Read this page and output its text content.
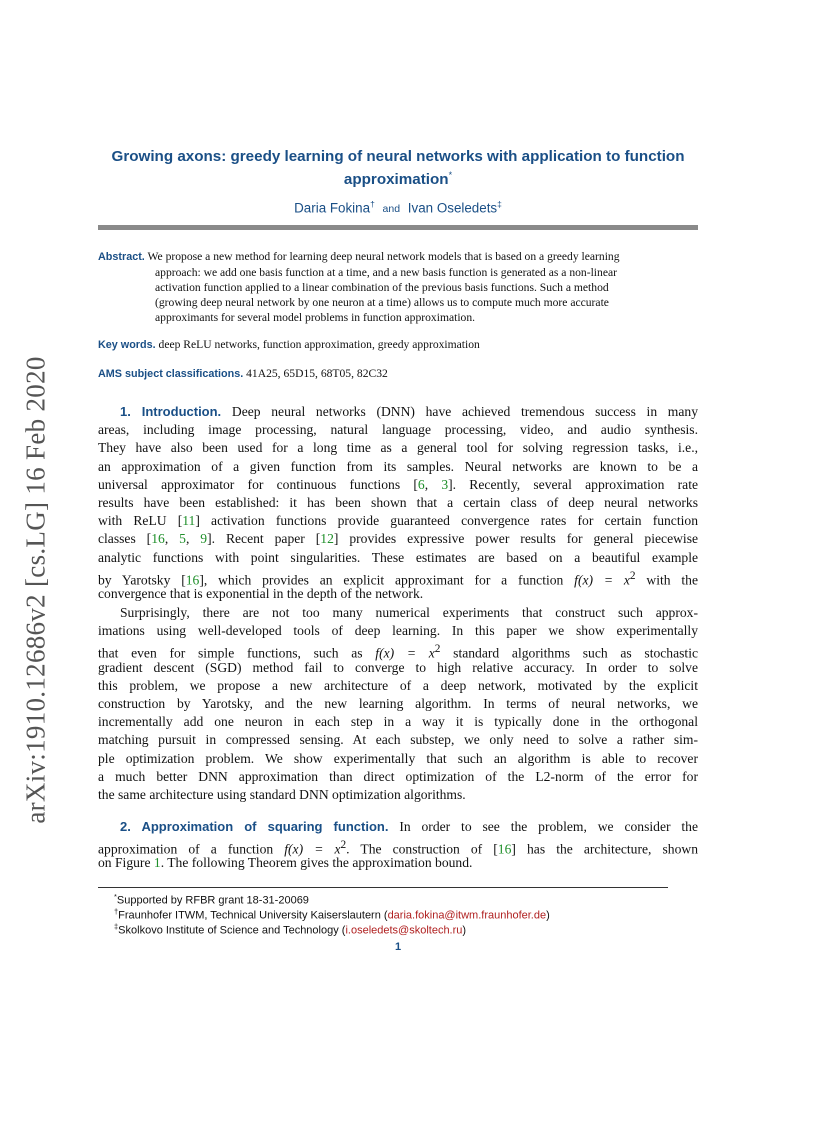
arXiv:1910.12686v2 [cs.LG] 16 Feb 2020
Growing axons: greedy learning of neural networks with application to function
approximation*
Daria Fokina† and Ivan Oseledets‡
Abstract. We propose a new method for learning deep neural network models that is based on a greedy learning
approach: we add one basis function at a time, and a new basis function is generated as a non-linear
activation function applied to a linear combination of the previous basis functions. Such a method
(growing deep neural network by one neuron at a time) allows us to compute much more accurate
approximants for several model problems in function approximation.
Key words. deep ReLU networks, function approximation, greedy approximation
AMS subject classifications. 41A25, 65D15, 68T05, 82C32
1. Introduction. Deep neural networks (DNN) have achieved tremendous success in many
areas, including image processing, natural language processing, video, and audio synthesis.
They have also been used for a long time as a general tool for solving regression tasks, i.e.,
an approximation of a given function from its samples. Neural networks are known to be a
universal approximator for continuous functions [6, 3]. Recently, several approximation rate
results have been established: it has been shown that a certain class of deep neural networks
with ReLU [11] activation functions provide guaranteed convergence rates for certain function
classes [16, 5, 9]. Recent paper [12] provides expressive power results for general piecewise
analytic functions with point singularities. These estimates are based on a beautiful example
by Yarotsky [16], which provides an explicit approximant for a function $f(x) = x^2$ with the
convergence that is exponential in the depth of the network.
Surprisingly, there are not too many numerical experiments that construct such approx-
imations using well-developed tools of deep learning. In this paper we show experimentally
that even for simple functions, such as $f(x) = x^2$ standard algorithms such as stochastic
gradient descent (SGD) method fail to converge to high relative accuracy. In order to solve
this problem, we propose a new architecture of a deep network, motivated by the explicit
construction by Yarotsky, and the new learning algorithm. In terms of neural networks, we
incrementally add one neuron in each step in a way it is typically done in the orthogonal
matching pursuit in compressed sensing. At each substep, we only need to solve a rather sim-
ple optimization problem. We show experimentally that such an algorithm is able to recover
a much better DNN approximation than direct optimization of the L2-norm of the error for
the same architecture using standard DNN optimization algorithms.
2. Approximation of squaring function. In order to see the problem, we consider the
approximation of a function $f(x) = x^2$. The construction of [16] has the architecture, shown
on Figure 1. The following Theorem gives the approximation bound.
*Supported by RFBR grant 18-31-20069
†Fraunhofer ITWM, Technical University Kaiserslautern (daria.fokina@itwm.fraunhofer.de)
‡Skolkovo Institute of Science and Technology (i.oseledets@skoltech.ru)
1
